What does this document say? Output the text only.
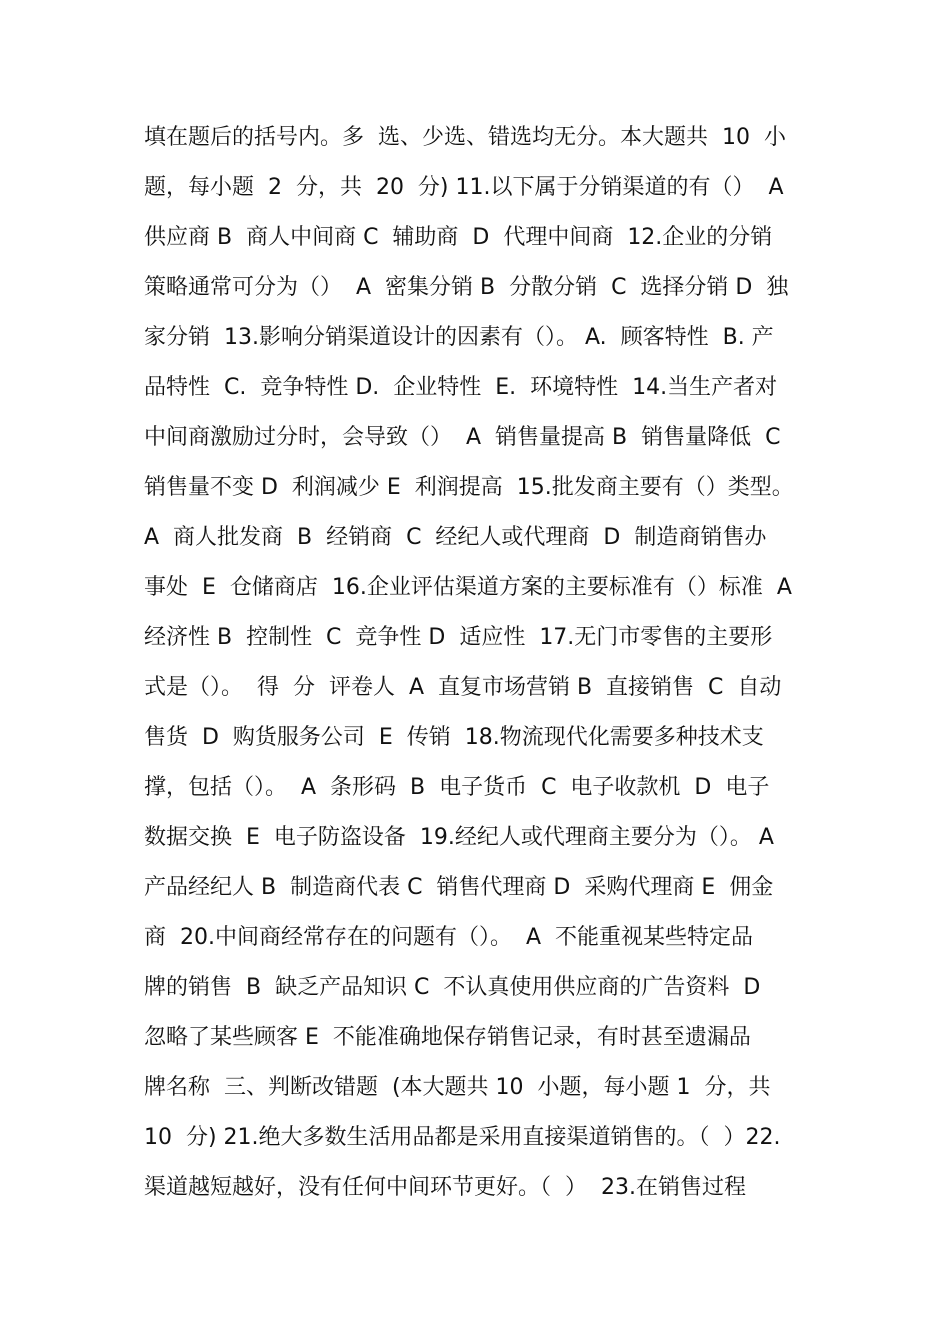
填在题后的括号内。多  选、少选、错选均无分。本大题共  10  小
题，每小题  2  分，共  20  分) 11.以下属于分销渠道的有（）  A
供应商 B  商人中间商 C  辅助商  D  代理中间商  12.企业的分销
策略通常可分为（）  A  密集分销 B  分散分销  C  选择分销 D  独
家分销  13.影响分销渠道设计的因素有（）。 A.  顾客特性  B. 产
品特性  C.  竞争特性 D.  企业特性  E.  环境特性  14.当生产者对
中间商激励过分时，会导致（）  A  销售量提高 B  销售量降低  C
销售量不变 D  利润减少 E  利润提高  15.批发商主要有（）类型。
A  商人批发商  B  经销商  C  经纪人或代理商  D  制造商销售办
事处  E  仓储商店  16.企业评估渠道方案的主要标准有（）标准  A
经济性 B  控制性  C  竞争性 D  适应性  17.无门市零售的主要形
式是（）。  得  分  评卷人  A  直复市场营销 B  直接销售  C  自动
售货  D  购货服务公司  E  传销  18.物流现代化需要多种技术支
撑，包括（）。  A  条形码  B  电子货币  C  电子收款机  D  电子
数据交换  E  电子防盗设备  19.经纪人或代理商主要分为（）。 A
产品经纪人 B  制造商代表 C  销售代理商 D  采购代理商 E  佣金
商  20.中间商经常存在的问题有（）。  A  不能重视某些特定品
牌的销售  B  缺乏产品知识 C  不认真使用供应商的广告资料  D
忽略了某些顾客 E  不能准确地保存销售记录，有时甚至遗漏品
牌名称  三、判断改错题  (本大题共 10  小题，每小题 1  分，共
10  分) 21.绝大多数生活用品都是采用直接渠道销售的。（  ）22.
渠道越短越好，没有任何中间环节更好。（  ）  23.在销售过程
